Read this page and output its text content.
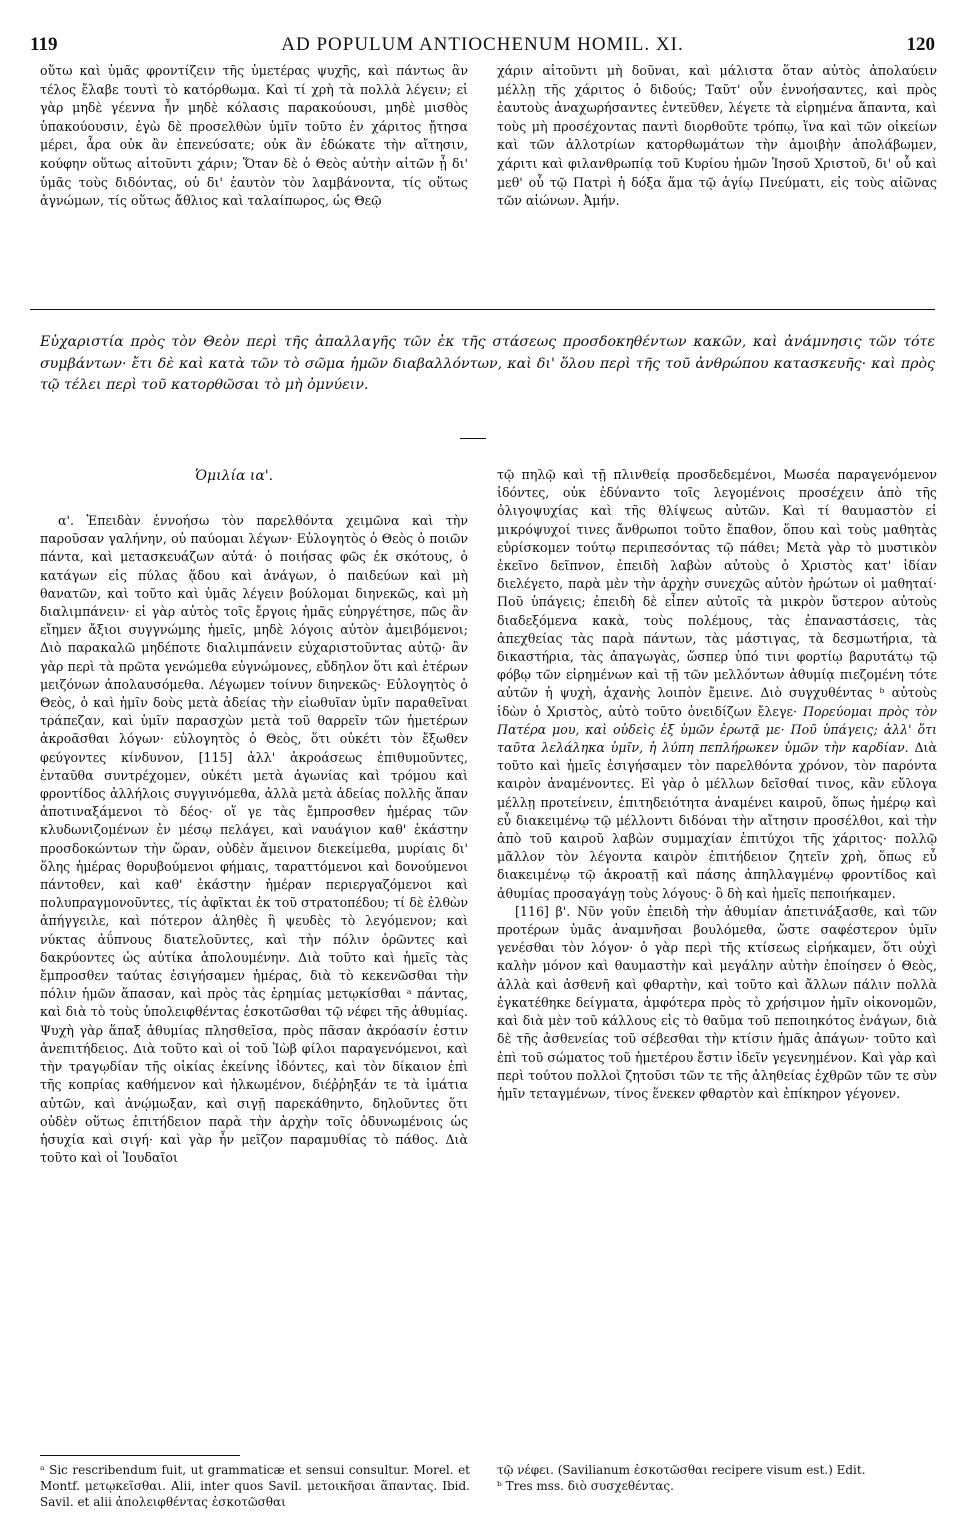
119	AD POPULUM ANTIOCHENUM HOMIL. XI.	120

οὕτω καὶ ὑμᾶς φροντίζειν τῆς ὑμετέρας ψυχῆς, καὶ πάντως ἂν τέλος ἔλαβε τουτὶ τὸ κατόρθωμα. Καὶ τί χρὴ τὰ πολλὰ λέγειν; εἰ γὰρ μηδὲ γέεννα ἦν μηδὲ κόλασις παρακούουσι, μηδὲ μισθὸς ὑπακούουσιν, ἐγὼ δὲ προσελθὼν ὑμῖν τοῦτο ἐν χάριτος ᾔτησα μέρει, ἆρα οὐκ ἂν ἐπενεύσατε; οὐκ ἂν ἐδώκατε τὴν αἴτησιν, κούφην οὕτως αἰτοῦντι χάριν; Ὅταν δὲ ὁ Θεὸς αὐτὴν αἰτῶν ᾖ δι' ὑμᾶς τοὺς διδόντας, οὐ δι' ἑαυτὸν τὸν λαμβάνοντα, τίς οὕτως ἀγνώμων, τίς οὕτως ἄθλιος καὶ ταλαίπωρος, ὡς Θεῷ

χάριν αἰτοῦντι μὴ δοῦναι, καὶ μάλιστα ὅταν αὐτὸς ἀπολαύειν μέλλῃ τῆς χάριτος ὁ διδούς; Ταῦτ' οὖν ἐννοήσαντες, καὶ πρὸς ἑαυτοὺς ἀναχωρήσαντες ἐντεῦθεν, λέγετε τὰ εἰρημένα ἅπαντα, καὶ τοὺς μὴ προσέχοντας παντὶ διορθοῦτε τρόπῳ, ἵνα καὶ τῶν οἰκείων καὶ τῶν ἀλλοτρίων κατορθωμάτων τὴν ἀμοιβὴν ἀπολάβωμεν, χάριτι καὶ φιλανθρωπίᾳ τοῦ Κυρίου ἡμῶν Ἰησοῦ Χριστοῦ, δι' οὗ καὶ μεθ' οὗ τῷ Πατρὶ ἡ δόξα ἅμα τῷ ἁγίῳ Πνεύματι, εἰς τοὺς αἰῶνας τῶν αἰώνων. Ἀμήν.

Εὐχαριστία πρὸς τὸν Θεὸν περὶ τῆς ἀπαλλαγῆς τῶν ἐκ τῆς στάσεως προσδοκηθέντων κακῶν, καὶ ἀνάμνησις τῶν τότε συμβάντων· ἔτι δὲ καὶ κατὰ τῶν τὸ σῶμα ἡμῶν διαβαλλόντων, καὶ δι' ὅλου περὶ τῆς τοῦ ἀνθρώπου κατασκευῆς· καὶ πρὸς τῷ τέλει περὶ τοῦ κατορθῶσαι τὸ μὴ ὀμνύειν.
Ὁμιλία ια'.

α'. Ἐπειδὰν ἐννοήσω τὸν παρελθόντα χειμῶνα καὶ τὴν παροῦσαν γαλήνην, οὐ παύομαι λέγων· Εὐλογητὸς ὁ Θεὸς ὁ ποιῶν πάντα, καὶ μετασκευάζων αὐτά· ὁ ποιήσας φῶς ἐκ σκότους, ὁ κατάγων εἰς πύλας ᾅδου καὶ ἀνάγων, ὁ παιδεύων καὶ μὴ θανατῶν, καὶ τοῦτο καὶ ὑμᾶς λέγειν βούλομαι διηνεκῶς, καὶ μὴ διαλιμπάνειν· εἰ γὰρ αὐτὸς τοῖς ἔργοις ἡμᾶς εὐηργέτησε, πῶς ἂν εἴημεν ἄξιοι συγγνώμης ἡμεῖς, μηδὲ λόγοις αὐτὸν ἀμειβόμενοι; Διὸ παρακαλῶ μηδέποτε διαλιμπάνειν εὐχαριστοῦντας αὐτῷ· ἂν γὰρ περὶ τὰ πρῶτα γενώμεθα εὐγνώμονες, εὔδηλον ὅτι καὶ ἑτέρων μειζόνων ἀπολαυσόμεθα. Λέγωμεν τοίνυν διηνεκῶς· Εὐλογητὸς ὁ Θεὸς, ὁ καὶ ἡμῖν δοὺς μετὰ ἀδείας τὴν εἰωθυῖαν ὑμῖν παραθεῖναι τράπεζαν, καὶ ὑμῖν παρασχὼν μετὰ τοῦ θαρρεῖν τῶν ἡμετέρων ἀκροᾶσθαι λόγων· εὐλογητὸς ὁ Θεὸς, ὅτι οὐκέτι τὸν ἔξωθεν φεύγοντες κίνδυνον, [115] ἀλλ' ἀκροάσεως ἐπιθυμοῦντες, ἐνταῦθα συντρέχομεν, οὐκέτι μετὰ ἀγωνίας καὶ τρόμου καὶ φροντίδος ἀλλήλοις συγγινόμεθα, ἀλλὰ μετὰ ἀδείας πολλῆς ἅπαν ἀποτιναξάμενοι τὸ δέος· οἵ γε τὰς ἔμπροσθεν ἡμέρας τῶν κλυδωνιζομένων ἐν μέσῳ πελάγει, καὶ ναυάγιον καθ' ἑκάστην προσδοκώντων τὴν ὥραν, οὐδὲν ἄμεινον διεκείμεθα, μυρίαις δι' ὅλης ἡμέρας θορυβούμενοι φήμαις, ταραττόμενοι καὶ δονούμενοι πάντοθεν, καὶ καθ' ἑκάστην ἡμέραν περιεργαζόμενοι καὶ πολυπραγμονοῦντες, τίς ἀφῖκται ἐκ τοῦ στρατοπέδου; τί δὲ ἐλθὼν ἀπήγγειλε, καὶ πότερον ἀληθὲς ἢ ψευδὲς τὸ λεγόμενον; καὶ νύκτας ἀΰπνους διατελοῦντες, καὶ τὴν πόλιν ὁρῶντες καὶ δακρύοντες ὡς αὐτίκα ἀπολουμένην. Διὰ τοῦτο καὶ ἡμεῖς τὰς ἔμπροσθεν ταύτας ἐσιγήσαμεν ἡμέρας, διὰ τὸ κεκενῶσθαι τὴν πόλιν ἡμῶν ἅπασαν, καὶ πρὸς τὰς ἐρημίας μετῳκίσθαι ᵃ πάντας, καὶ διὰ τὸ τοὺς ὑπολειφθέντας ἐσκοτῶσθαι τῷ νέφει τῆς ἀθυμίας. Ψυχὴ γὰρ ἅπαξ ἀθυμίας πλησθεῖσα, πρὸς πᾶσαν ἀκρόασίν ἐστιν ἀνεπιτήδειος. Διὰ τοῦτο καὶ οἱ τοῦ Ἰὼβ φίλοι παραγενόμενοι, καὶ τὴν τραγῳδίαν τῆς οἰκίας ἐκείνης ἰδόντες, καὶ τὸν δίκαιον ἐπὶ τῆς κοπρίας καθήμενον καὶ ἡλκωμένον, διέῤῥηξάν τε τὰ ἱμάτια αὐτῶν, καὶ ἀνῴμωξαν, καὶ σιγῇ παρεκάθηντο, δηλοῦντες ὅτι οὐδὲν οὕτως ἐπιτήδειον παρὰ τὴν ἀρχὴν τοῖς ὀδυνωμένοις ὡς ἡσυχία καὶ σιγή· καὶ γὰρ ἦν μεῖζον παραμυθίας τὸ πάθος. Διὰ τοῦτο καὶ οἱ Ἰουδαῖοι

τῷ πηλῷ καὶ τῇ πλινθείᾳ προσδεδεμένοι, Μωσέα παραγενόμενον ἰδόντες, οὐκ ἐδύναντο τοῖς λεγομένοις προσέχειν ἀπὸ τῆς ὀλιγοψυχίας καὶ τῆς θλίψεως αὐτῶν. Καὶ τί θαυμαστὸν εἰ μικρόψυχοί τινες ἄνθρωποι τοῦτο ἔπαθον, ὅπου καὶ τοὺς μαθητὰς εὑρίσκομεν τούτῳ περιπεσόντας τῷ πάθει; Μετὰ γὰρ τὸ μυστικὸν ἐκεῖνο δεῖπνον, ἐπειδὴ λαβὼν αὐτοὺς ὁ Χριστὸς κατ' ἰδίαν διελέγετο, παρὰ μὲν τὴν ἀρχὴν συνεχῶς αὐτὸν ἠρώτων οἱ μαθηταί· Ποῦ ὑπάγεις; ἐπειδὴ δὲ εἶπεν αὐτοῖς τὰ μικρὸν ὕστερον αὐτοὺς διαδεξόμενα κακὰ, τοὺς πολέμους, τὰς ἐπαναστάσεις, τὰς ἀπεχθείας τὰς παρὰ πάντων, τὰς μάστιγας, τὰ δεσμωτήρια, τὰ δικαστήρια, τὰς ἀπαγωγὰς, ὥσπερ ὑπό τινι φορτίῳ βαρυτάτῳ τῷ φόβῳ τῶν εἰρημένων καὶ τῇ τῶν μελλόντων ἀθυμίᾳ πιεζομένη τότε αὐτῶν ἡ ψυχὴ, ἀχανὴς λοιπὸν ἔμεινε. Διὸ συγχυθέντας ᵇ αὐτοὺς ἰδὼν ὁ Χριστὸς, αὐτὸ τοῦτο ὀνειδίζων ἔλεγε· Πορεύομαι πρὸς τὸν Πατέρα μου, καὶ οὐδεὶς ἐξ ὑμῶν ἐρωτᾷ με· Ποῦ ὑπάγεις; ἀλλ' ὅτι ταῦτα λελάληκα ὑμῖν, ἡ λύπη πεπλήρωκεν ὑμῶν τὴν καρδίαν. Διὰ τοῦτο καὶ ἡμεῖς ἐσιγήσαμεν τὸν παρελθόντα χρόνον, τὸν παρόντα καιρὸν ἀναμένοντες. Εἰ γὰρ ὁ μέλλων δεῖσθαί τινος, κἂν εὔλογα μέλλῃ προτείνειν, ἐπιτηδειότητα ἀναμένει καιροῦ, ὅπως ἡμέρῳ καὶ εὖ διακειμένῳ τῷ μέλλοντι διδόναι τὴν αἴτησιν προσέλθοι, καὶ τὴν ἀπὸ τοῦ καιροῦ λαβὼν συμμαχίαν ἐπιτύχοι τῆς χάριτος· πολλῷ μᾶλλον τὸν λέγοντα καιρὸν ἐπιτήδειον ζητεῖν χρὴ, ὅπως εὖ διακειμένῳ τῷ ἀκροατῇ καὶ πάσης ἀπηλλαγμένῳ φροντίδος καὶ ἀθυμίας προσαγάγῃ τοὺς λόγους· ὃ δὴ καὶ ἡμεῖς πεποιήκαμεν.

[116] β'. Νῦν γοῦν ἐπειδὴ τὴν ἀθυμίαν ἀπετινάξασθε, καὶ τῶν προτέρων ὑμᾶς ἀναμνῆσαι βουλόμεθα, ὥστε σαφέστερον ὑμῖν γενέσθαι τὸν λόγον· ὁ γὰρ περὶ τῆς κτίσεως εἰρήκαμεν, ὅτι οὐχὶ καλὴν μόνον καὶ θαυμαστὴν καὶ μεγάλην αὐτὴν ἐποίησεν ὁ Θεὸς, ἀλλὰ καὶ ἀσθενῆ καὶ φθαρτὴν, καὶ τοῦτο καὶ ἄλλων πάλιν πολλὰ ἐγκατέθηκε δείγματα, ἀμφότερα πρὸς τὸ χρήσιμον ἡμῖν οἰκονομῶν, καὶ διὰ μὲν τοῦ κάλλους εἰς τὸ θαῦμα τοῦ πεποιηκότος ἐνάγων, διὰ δὲ τῆς ἀσθενείας τοῦ σέβεσθαι τὴν κτίσιν ἡμᾶς ἀπάγων· τοῦτο καὶ ἐπὶ τοῦ σώματος τοῦ ἡμετέρου ἔστιν ἰδεῖν γεγενημένον. Καὶ γὰρ καὶ περὶ τούτου πολλοὶ ζητοῦσι τῶν τε τῆς ἀληθείας ἐχθρῶν τῶν τε σὺν ἡμῖν τεταγμένων, τίνος ἕνεκεν φθαρτὸν καὶ ἐπίκηρον γέγονεν.

ᵃ Sic rescribendum fuit, ut grammaticæ et sensui consultur. Morel. et Montf. μετῳκεῖσθαι. Alii, inter quos Savil. μετοικῆσαι ἅπαντας. Ibid. Savil. et alii ἀπολειφθέντας ἐσκοτῶσθαι
τῷ νέφει. (Savilianum ἐσκοτῶσθαι recipere visum est.) Edit.
ᵇ Tres mss. διὸ συσχεθέντας.
